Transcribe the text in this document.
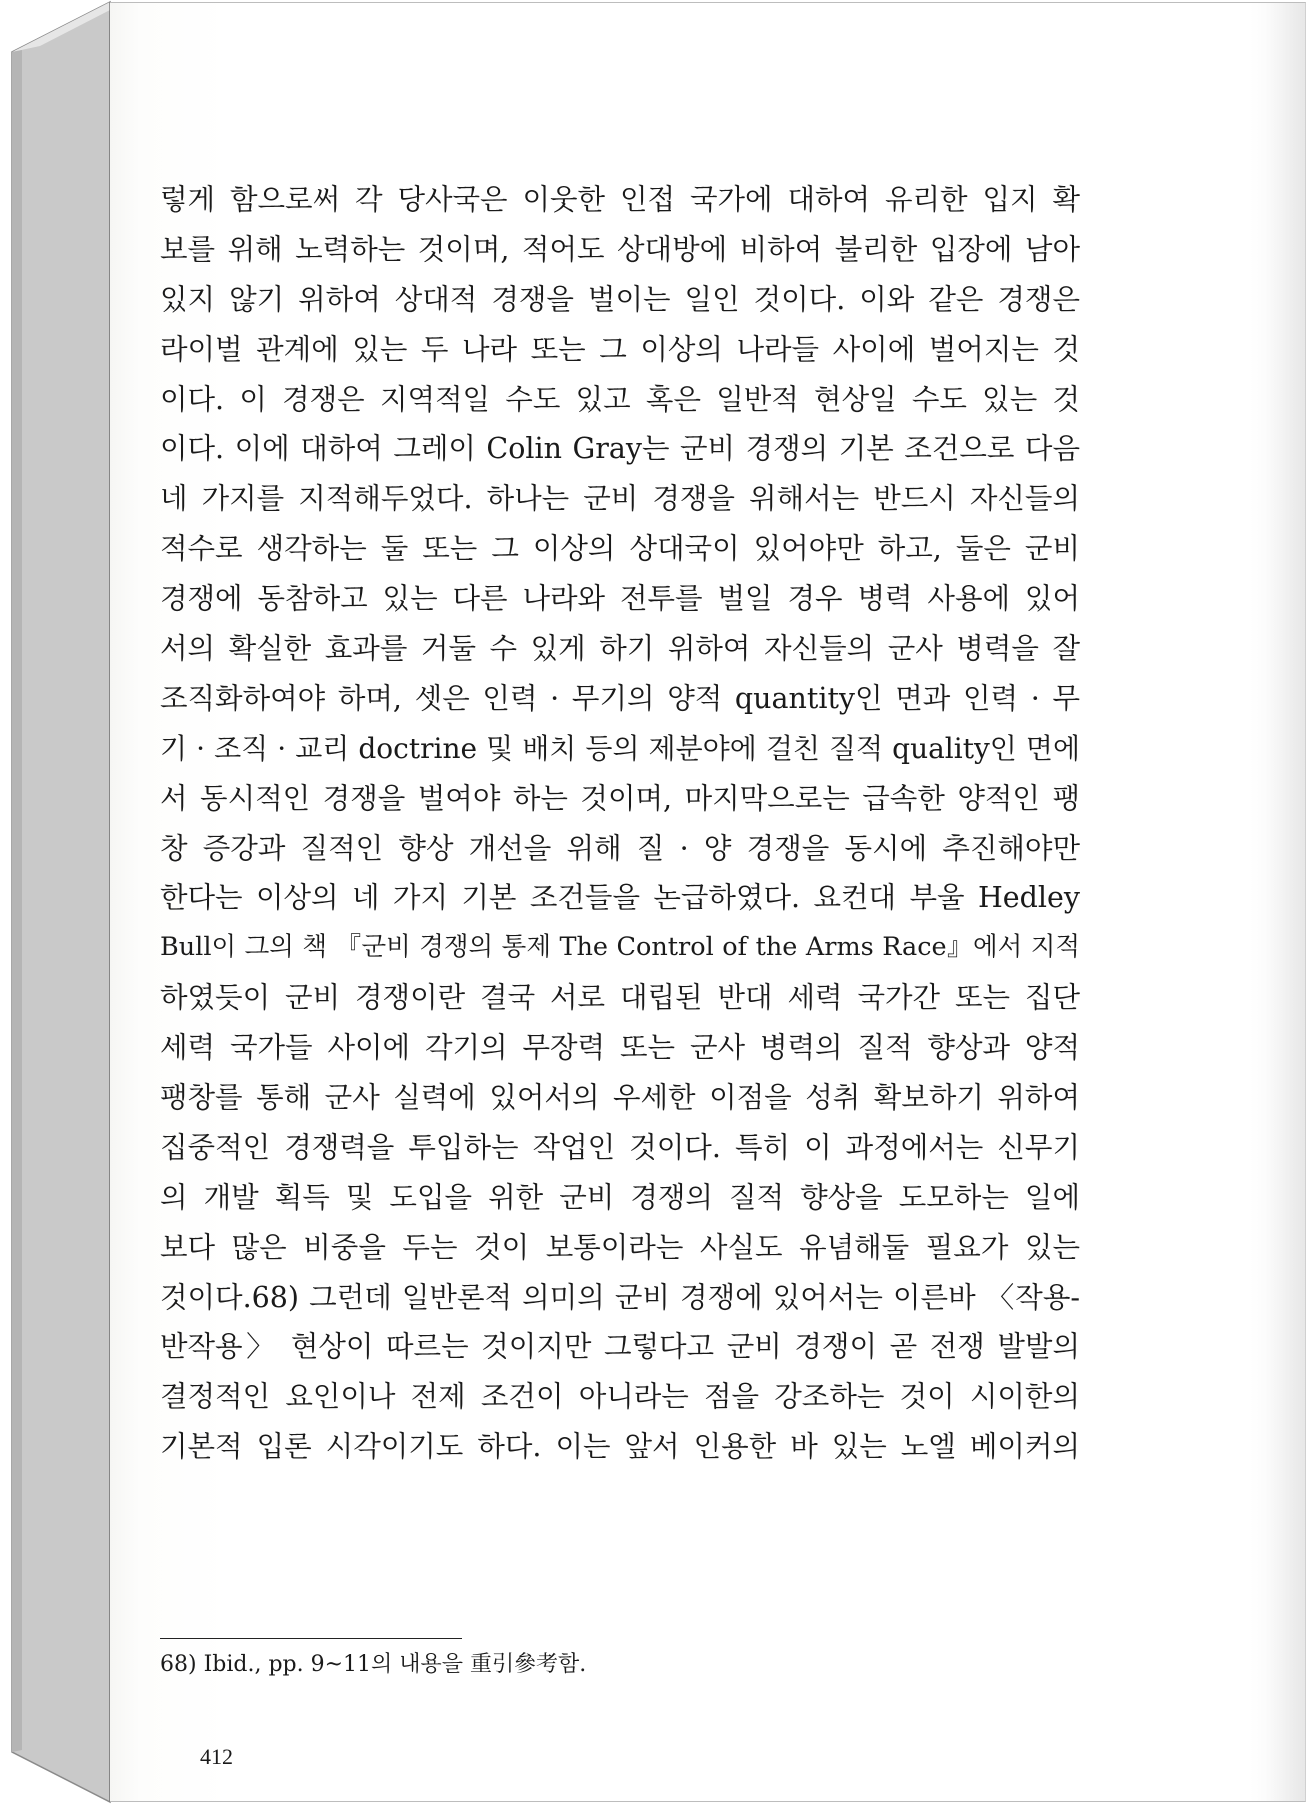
렇게 함으로써 각 당사국은 이웃한 인접 국가에 대하여 유리한 입지 확
보를 위해 노력하는 것이며, 적어도 상대방에 비하여 불리한 입장에 남아
있지 않기 위하여 상대적 경쟁을 벌이는 일인 것이다. 이와 같은 경쟁은
라이벌 관계에 있는 두 나라 또는 그 이상의 나라들 사이에 벌어지는 것
이다. 이 경쟁은 지역적일 수도 있고 혹은 일반적 현상일 수도 있는 것
이다. 이에 대하여 그레이 Colin Gray는 군비 경쟁의 기본 조건으로 다음
네 가지를 지적해두었다. 하나는 군비 경쟁을 위해서는 반드시 자신들의
적수로 생각하는 둘 또는 그 이상의 상대국이 있어야만 하고, 둘은 군비
경쟁에 동참하고 있는 다른 나라와 전투를 벌일 경우 병력 사용에 있어
서의 확실한 효과를 거둘 수 있게 하기 위하여 자신들의 군사 병력을 잘
조직화하여야 하며, 셋은 인력 · 무기의 양적 quantity인 면과 인력 · 무
기 · 조직 · 교리 doctrine 및 배치 등의 제분야에 걸친 질적 quality인 면에
서 동시적인 경쟁을 벌여야 하는 것이며, 마지막으로는 급속한 양적인 팽
창 증강과 질적인 향상 개선을 위해 질 · 양 경쟁을 동시에 추진해야만
한다는 이상의 네 가지 기본 조건들을 논급하였다. 요컨대 부울 Hedley
Bull이 그의 책 『군비 경쟁의 통제 The Control of the Arms Race』에서 지적
하였듯이 군비 경쟁이란 결국 서로 대립된 반대 세력 국가간 또는 집단
세력 국가들 사이에 각기의 무장력 또는 군사 병력의 질적 향상과 양적
팽창를 통해 군사 실력에 있어서의 우세한 이점을 성취 확보하기 위하여
집중적인 경쟁력을 투입하는 작업인 것이다. 특히 이 과정에서는 신무기
의 개발 획득 및 도입을 위한 군비 경쟁의 질적 향상을 도모하는 일에
보다 많은 비중을 두는 것이 보통이라는 사실도 유념해둘 필요가 있는
것이다.68) 그런데 일반론적 의미의 군비 경쟁에 있어서는 이른바 〈작용-
반작용〉 현상이 따르는 것이지만 그렇다고 군비 경쟁이 곧 전쟁 발발의
결정적인 요인이나 전제 조건이 아니라는 점을 강조하는 것이 시이한의
기본적 입론 시각이기도 하다. 이는 앞서 인용한 바 있는 노엘 베이커의
68) Ibid., pp. 9~11의 내용을 重引參考함.
412
